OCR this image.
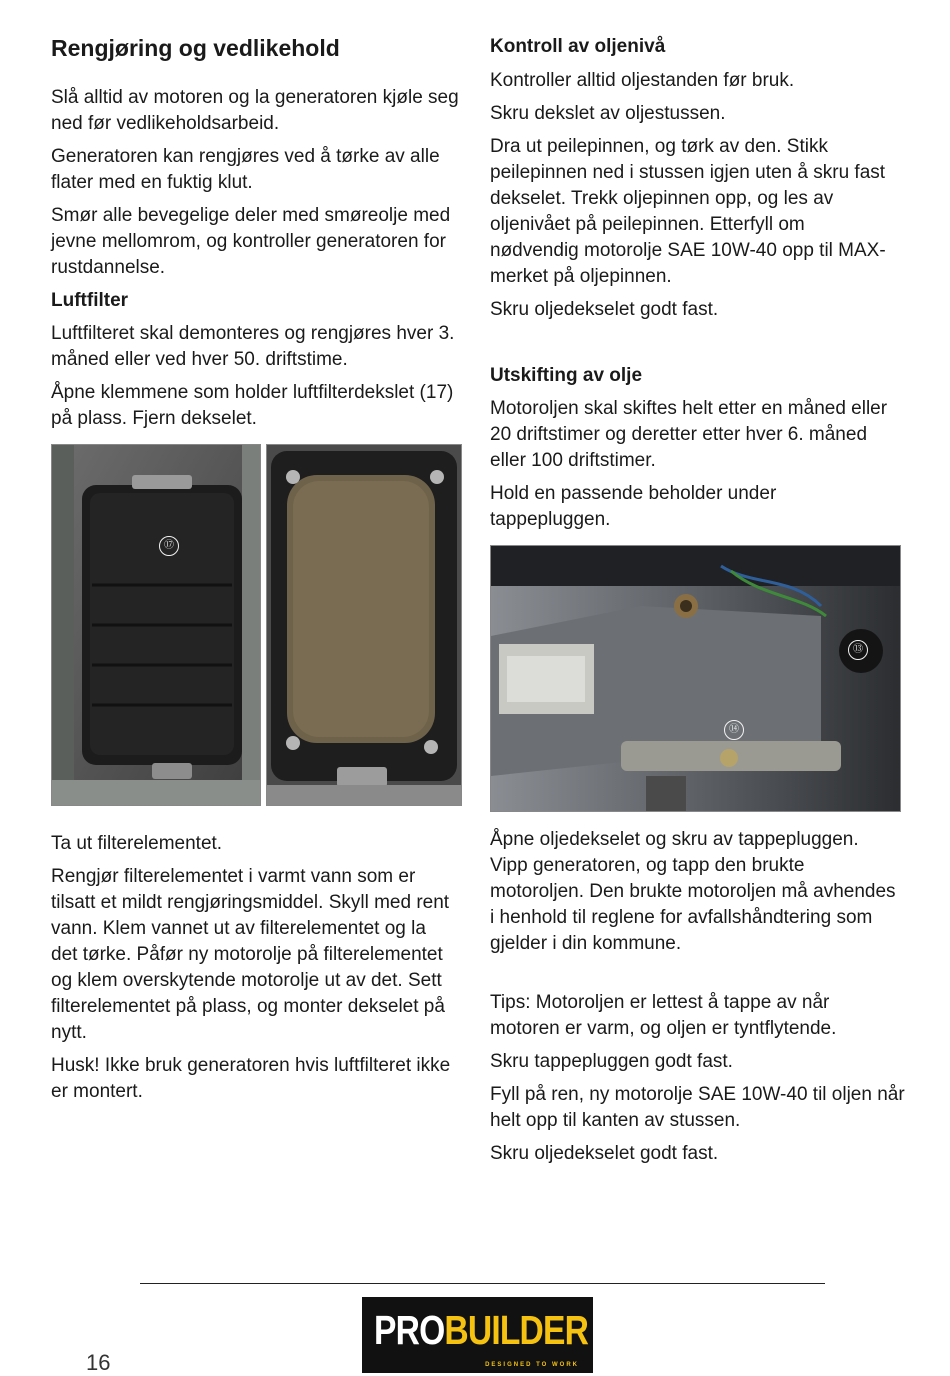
Rengjøring og vedlikehold

Slå alltid av motoren og la generatoren kjøle seg ned før vedlikeholdsarbeid.

Generatoren kan rengjøres ved å tørke av alle flater med en fuktig klut.

Smør alle bevegelige deler med smøreolje med jevne mellomrom, og kontroller generatoren for rustdannelse.

Luftfilter

Luftfilteret skal demonteres og rengjøres hver 3. måned eller ved hver 50. driftstime.

Åpne klemmene som holder luftfilterdekslet (17) på plass. Fjern dekselet.

⑰

Ta ut filterelementet.

Rengjør filterelementet i varmt vann som er tilsatt et mildt rengjøringsmiddel. Skyll med rent vann. Klem vannet ut av filterelementet og la det tørke. Påfør ny motorolje på filterelementet og klem overskytende motorolje ut av det. Sett filterelementet på plass, og monter dekselet på nytt.

Husk! Ikke bruk generatoren hvis luftfilteret ikke er montert.

Kontroll av oljenivå

Kontroller alltid oljestanden før bruk.

Skru dekslet av oljestussen.

Dra ut peilepinnen, og tørk av den. Stikk peilepinnen ned i stussen igjen uten å skru fast dekselet. Trekk oljepinnen opp, og les av oljenivået på peilepinnen. Etterfyll om nødvendig motorolje SAE 10W-40 opp til MAX-merket på oljepinnen.

Skru oljedekselet godt fast.

Utskifting av olje

Motoroljen skal skiftes helt etter en måned eller 20 driftstimer og deretter etter hver 6. måned eller 100 driftstimer.

Hold en passende beholder under tappepluggen.

⑬
⑭

Åpne oljedekselet og skru av tappepluggen. Vipp generatoren, og tapp den brukte motoroljen. Den brukte motoroljen må avhendes i henhold til reglene for avfallshåndtering som gjelder i din kommune.

Tips: Motoroljen er lettest å tappe av når motoren er varm, og oljen er tyntflytende.

Skru tappepluggen godt fast.

Fyll på ren, ny motorolje SAE 10W-40 til oljen når helt opp til kanten av stussen.

Skru oljedekselet godt fast.

16
PROBUILDER
DESIGNED TO WORK
